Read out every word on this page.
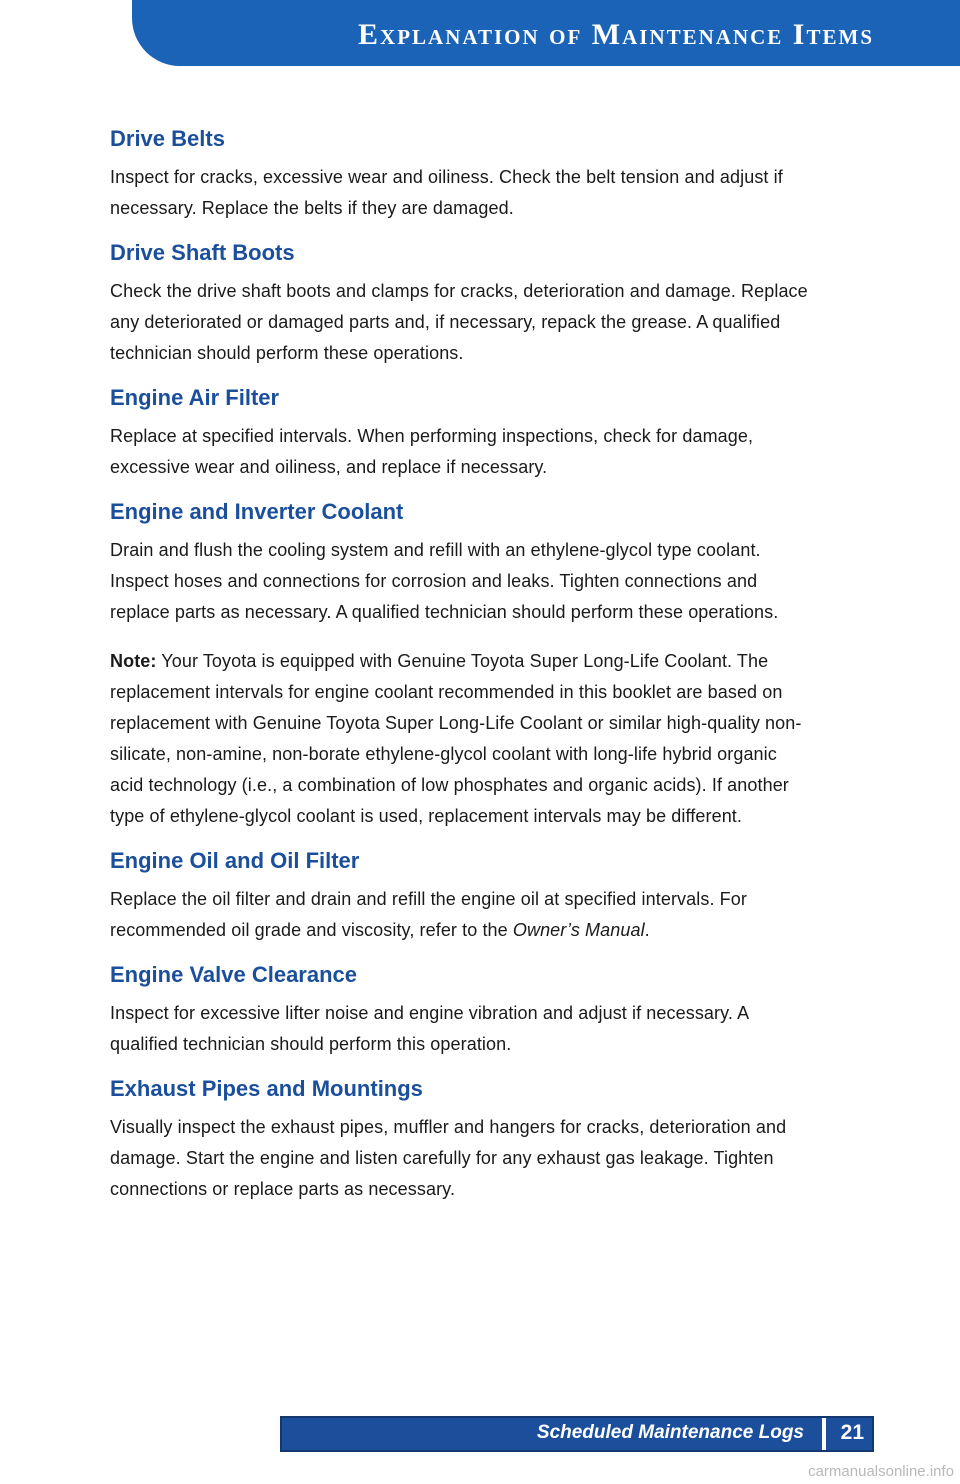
Explanation of Maintenance Items
Drive Belts

Inspect for cracks, excessive wear and oiliness. Check the belt tension and adjust if necessary. Replace the belts if they are damaged.

Drive Shaft Boots

Check the drive shaft boots and clamps for cracks, deterioration and damage. Replace any deteriorated or damaged parts and, if necessary, repack the grease. A qualified technician should perform these operations.

Engine Air Filter

Replace at specified intervals. When performing inspections, check for damage, excessive wear and oiliness, and replace if necessary.

Engine and Inverter Coolant

Drain and flush the cooling system and refill with an ethylene-glycol type coolant. Inspect hoses and connections for corrosion and leaks. Tighten connections and replace parts as necessary. A qualified technician should perform these operations.

Note: Your Toyota is equipped with Genuine Toyota Super Long-Life Coolant. The replacement intervals for engine coolant recommended in this booklet are based on replacement with Genuine Toyota Super Long-Life Coolant or similar high-quality non-silicate, non-amine, non-borate ethylene-glycol coolant with long-life hybrid organic acid technology (i.e., a combination of low phosphates and organic acids). If another type of ethylene-glycol coolant is used, replacement intervals may be different.

Engine Oil and Oil Filter

Replace the oil filter and drain and refill the engine oil at specified intervals. For recommended oil grade and viscosity, refer to the Owner’s Manual.

Engine Valve Clearance

Inspect for excessive lifter noise and engine vibration and adjust if necessary. A qualified technician should perform this operation.

Exhaust Pipes and Mountings

Visually inspect the exhaust pipes, muffler and hangers for cracks, deterioration and damage. Start the engine and listen carefully for any exhaust gas leakage. Tighten connections or replace parts as necessary.

Scheduled Maintenance Logs 21
carmanualsonline.info
